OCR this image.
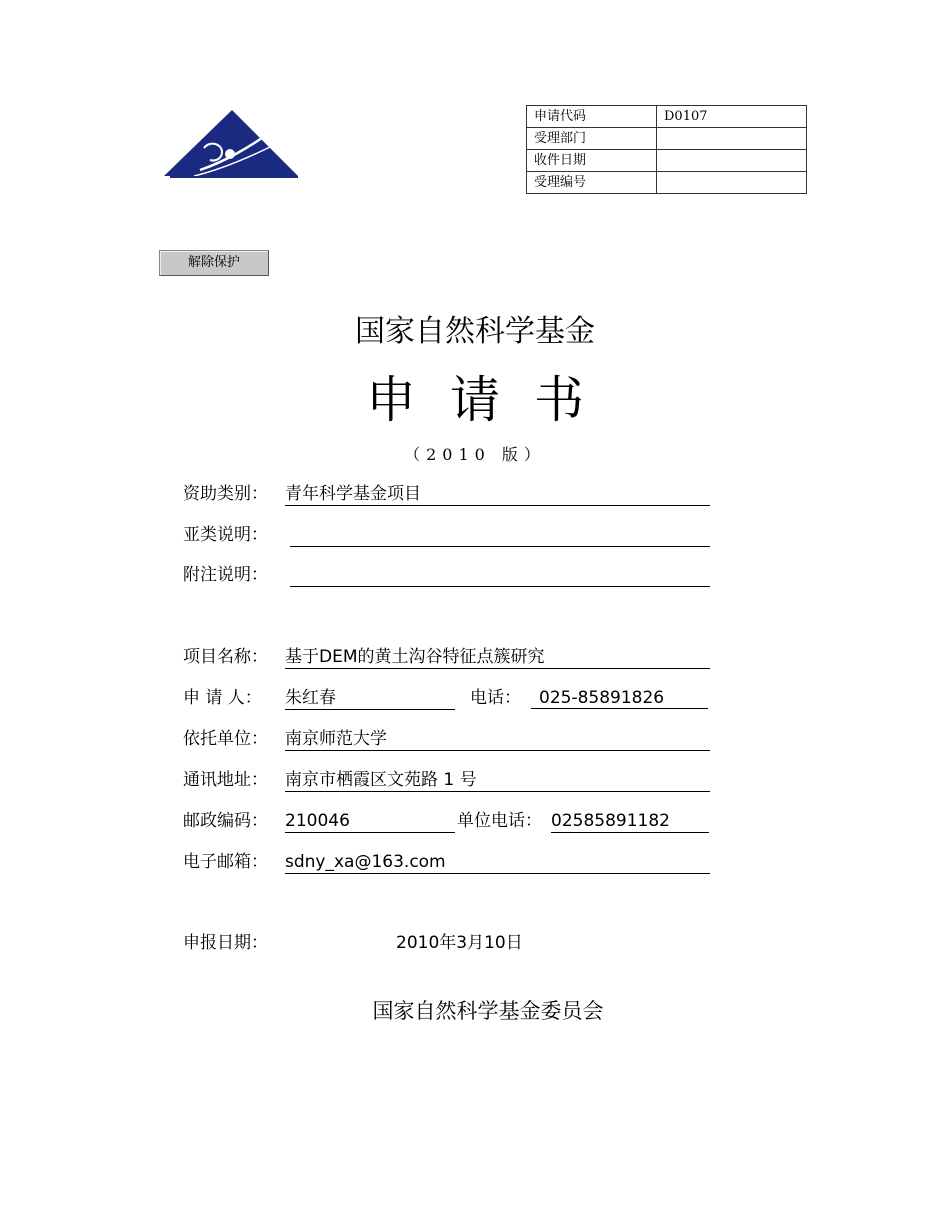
申请代码	D0107
受理部门	
收件日期	
受理编号	
解除保护
国家自然科学基金
申请书
（2010 版）
资助类别： 青年科学基金项目
亚类说明：
附注说明：
项目名称： 基于DEM的黄土沟谷特征点簇研究
申 请 人： 朱红春	电话：	025-85891826
依托单位： 南京师范大学
通讯地址： 南京市栖霞区文苑路 1 号
邮政编码： 210046	单位电话： 02585891182
电子邮箱： sdny_xa@163.com
申报日期：	2010年3月10日
国家自然科学基金委员会
